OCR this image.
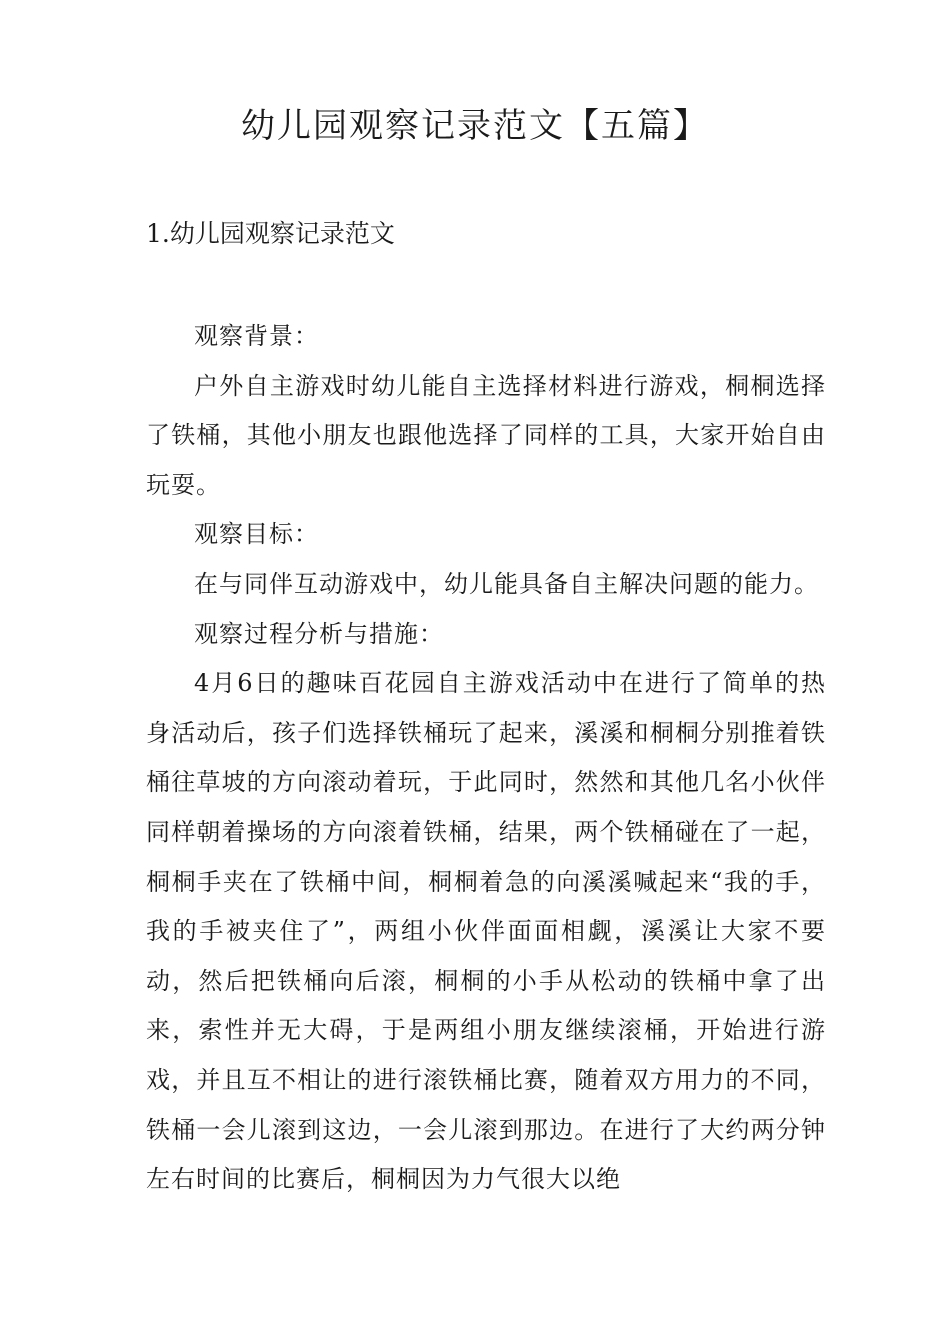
幼儿园观察记录范文【五篇】
1.幼儿园观察记录范文

观察背景：

户外自主游戏时幼儿能自主选择材料进行游戏，桐桐选择了铁桶，其他小朋友也跟他选择了同样的工具，大家开始自由玩耍。

观察目标：

在与同伴互动游戏中，幼儿能具备自主解决问题的能力。

观察过程分析与措施：

4月6日的趣味百花园自主游戏活动中在进行了简单的热身活动后，孩子们选择铁桶玩了起来，溪溪和桐桐分别推着铁桶往草坡的方向滚动着玩，于此同时，然然和其他几名小伙伴同样朝着操场的方向滚着铁桶，结果，两个铁桶碰在了一起，桐桐手夹在了铁桶中间，桐桐着急的向溪溪喊起来“我的手，我的手被夹住了”，两组小伙伴面面相觑，溪溪让大家不要动，然后把铁桶向后滚，桐桐的小手从松动的铁桶中拿了出来，索性并无大碍，于是两组小朋友继续滚桶，开始进行游戏，并且互不相让的进行滚铁桶比赛，随着双方用力的不同，铁桶一会儿滚到这边，一会儿滚到那边。在进行了大约两分钟左右时间的比赛后，桐桐因为力气很大以绝
